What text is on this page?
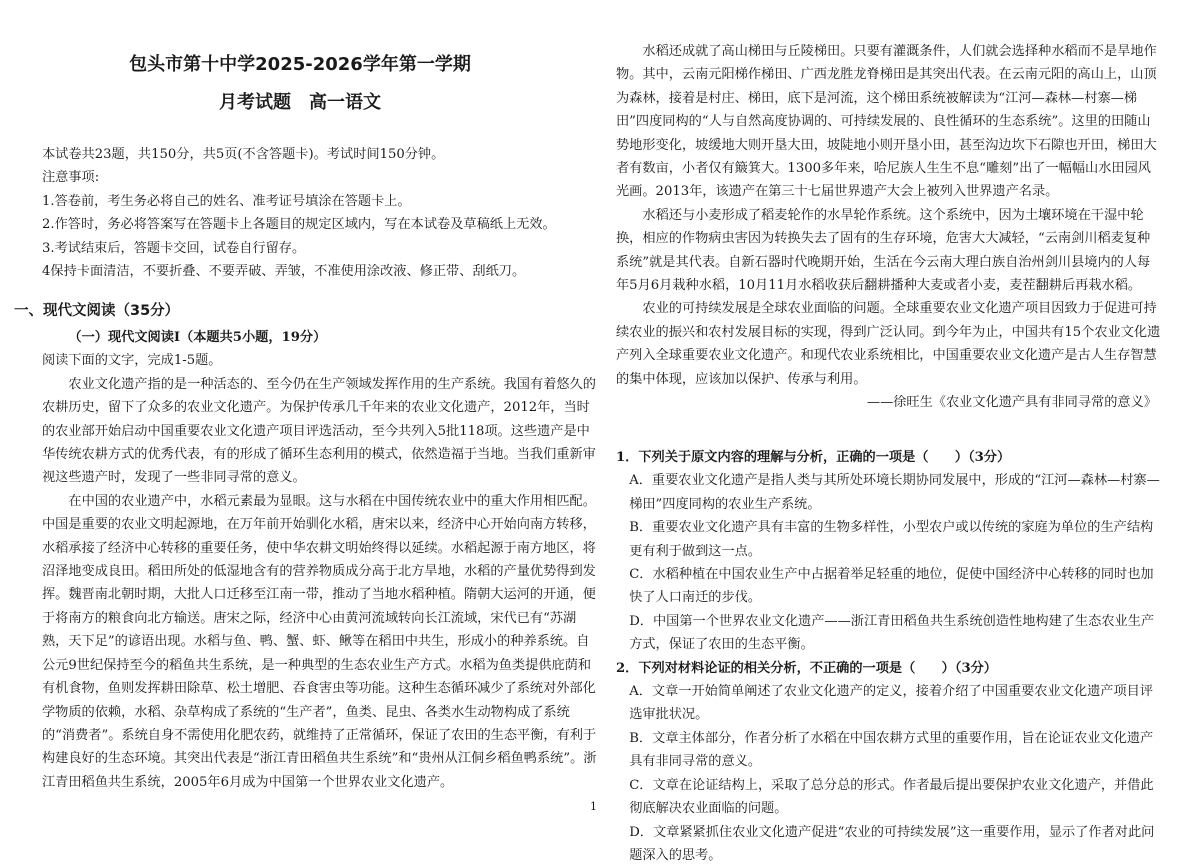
包头市第十中学2025-2026学年第一学期
月考试题　高一语文

本试卷共23题，共150分，共5页(不含答题卡)。考试时间150分钟。

注意事项:

1.答卷前，考生务必将自己的姓名、准考证号填涂在答题卡上。

2.作答时，务必将答案写在答题卡上各题目的规定区域内，写在本试卷及草稿纸上无效。

3.考试结束后，答题卡交回，试卷自行留存。

4保持卡面清洁，不要折叠、不要弄破、弄皱，不准使用涂改液、修正带、刮纸刀。

一、现代文阅读（35分）

（一）现代文阅读Ⅰ（本题共5小题，19分）

阅读下面的文字，完成1-5题。

农业文化遗产指的是一种活态的、至今仍在生产领域发挥作用的生产系统。我国有着悠久的农耕历史，留下了众多的农业文化遗产。为保护传承几千年来的农业文化遗产，2012年，当时的农业部开始启动中国重要农业文化遗产项目评选活动，至今共列入5批118项。这些遗产是中华传统农耕方式的优秀代表，有的形成了循环生态利用的模式，依然造福于当地。当我们重新审视这些遗产时，发现了一些非同寻常的意义。

在中国的农业遗产中，水稻元素最为显眼。这与水稻在中国传统农业中的重大作用相匹配。中国是重要的农业文明起源地，在万年前开始驯化水稻，唐宋以来，经济中心开始向南方转移，水稻承接了经济中心转移的重要任务，使中华农耕文明始终得以延续。水稻起源于南方地区，将沼泽地变成良田。稻田所处的低湿地含有的营养物质成分高于北方旱地，水稻的产量优势得到发挥。魏晋南北朝时期，大批人口迁移至江南一带，推动了当地水稻种植。隋朝大运河的开通，便于将南方的粮食向北方输送。唐宋之际，经济中心由黄河流域转向长江流域，宋代已有“苏湖熟，天下足”的谚语出现。水稻与鱼、鸭、蟹、虾、鳅等在稻田中共生，形成小的种养系统。自公元9世纪保持至今的稻鱼共生系统，是一种典型的生态农业生产方式。水稻为鱼类提供庇荫和有机食物，鱼则发挥耕田除草、松土增肥、吞食害虫等功能。这种生态循环减少了系统对外部化学物质的依赖，水稻、杂草构成了系统的“生产者”，鱼类、昆虫、各类水生动物构成了系统的“消费者”。系统自身不需使用化肥农药，就维持了正常循环，保证了农田的生态平衡，有利于构建良好的生态环境。其突出代表是“浙江青田稻鱼共生系统”和“贵州从江侗乡稻鱼鸭系统”。浙江青田稻鱼共生系统，2005年6月成为中国第一个世界农业文化遗产。

水稻还成就了高山梯田与丘陵梯田。只要有灌溉条件，人们就会选择种水稻而不是旱地作物。其中，云南元阳梯作梯田、广西龙胜龙脊梯田是其突出代表。在云南元阳的高山上，山顶为森林，接着是村庄、梯田，底下是河流，这个梯田系统被解读为“江河—森林—村寨—梯田”四度同构的“人与自然高度协调的、可持续发展的、良性循环的生态系统”。这里的田随山势地形变化，坡缓地大则开垦大田，坡陡地小则开垦小田，甚至沟边坎下石隙也开田，梯田大者有数亩，小者仅有簸箕大。1300多年来，哈尼族人生生不息“雕刻”出了一幅幅山水田园风光画。2013年，该遗产在第三十七届世界遗产大会上被列入世界遗产名录。

水稻还与小麦形成了稻麦轮作的水旱轮作系统。这个系统中，因为土壤环境在干湿中轮换，相应的作物病虫害因为转换失去了固有的生存环境，危害大大减轻，“云南剑川稻麦复种系统”就是其代表。自新石器时代晚期开始，生活在今云南大理白族自治州剑川县境内的人每年5月6月栽种水稻，10月11月水稻收获后翻耕播种大麦或者小麦，麦茬翻耕后再栽水稻。

农业的可持续发展是全球农业面临的问题。全球重要农业文化遗产项目因致力于促进可持续农业的振兴和农村发展目标的实现，得到广泛认同。到今年为止，中国共有15个农业文化遗产列入全球重要农业文化遗产。和现代农业系统相比，中国重要农业文化遗产是古人生存智慧的集中体现，应该加以保护、传承与利用。

——徐旺生《农业文化遗产具有非同寻常的意义》

1．下列关于原文内容的理解与分析，正确的一项是（　　）（3分）

A．重要农业文化遗产是指人类与其所处环境长期协同发展中，形成的“江河—森林—村寨—梯田”四度同构的农业生产系统。

B．重要农业文化遗产具有丰富的生物多样性，小型农户或以传统的家庭为单位的生产结构更有利于做到这一点。

C．水稻种植在中国农业生产中占据着举足轻重的地位，促使中国经济中心转移的同时也加快了人口南迁的步伐。

D．中国第一个世界农业文化遗产——浙江青田稻鱼共生系统创造性地构建了生态农业生产方式，保证了农田的生态平衡。

2．下列对材料论证的相关分析，不正确的一项是（　　）（3分）

A．文章一开始简单阐述了农业文化遗产的定义，接着介绍了中国重要农业文化遗产项目评选审批状况。

B．文章主体部分，作者分析了水稻在中国农耕方式里的重要作用，旨在论证农业文化遗产具有非同寻常的意义。

C．文章在论证结构上，采取了总分总的形式。作者最后提出要保护农业文化遗产，并借此彻底解决农业面临的问题。

D．文章紧紧抓住农业文化遗产促进“农业的可持续发展”这一重要作用，显示了作者对此问题深入的思考。

1
